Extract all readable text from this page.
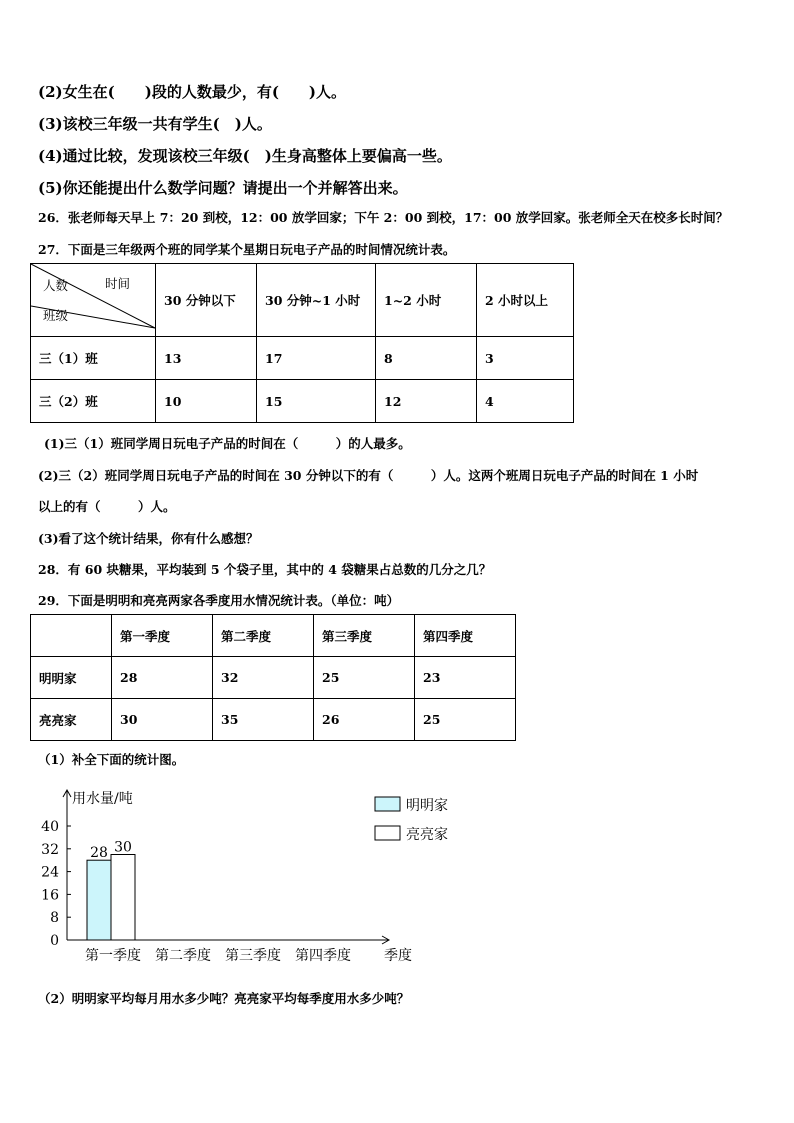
(2)女生在(　　)段的人数最少，有(　　)人。
(3)该校三年级一共有学生(　)人。
(4)通过比较，发现该校三年级(　)生身高整体上要偏高一些。
(5)你还能提出什么数学问题？请提出一个并解答出来。
26．张老师每天早上 7：20 到校，12：00 放学回家；下午 2：00 到校，17：00 放学回家。张老师全天在校多长时间？
27．下面是三年级两个班的同学某个星期日玩电子产品的时间情况统计表。
人数 时间
班级	30 分钟以下	30 分钟~1 小时	1~2 小时	2 小时以上
三（1）班	13	17	8	3
三（2）班	10	15	12	4
(1)三（1）班同学周日玩电子产品的时间在（　　　）的人最多。
(2)三（2）班同学周日玩电子产品的时间在 30 分钟以下的有（　　　）人。这两个班周日玩电子产品的时间在 1 小时
以上的有（　　　）人。
(3)看了这个统计结果，你有什么感想？
28．有 60 块糖果，平均装到 5 个袋子里，其中的 4 袋糖果占总数的几分之几？
29．下面是明明和亮亮两家各季度用水情况统计表。（单位：吨）
	第一季度	第二季度	第三季度	第四季度
明明家	28	32	25	23
亮亮家	30	35	26	25
（1）补全下面的统计图。
用水量/吨
0
8
16
24
32
40
第一季度
28 30
第二季度 第三季度 第四季度 季度
明明家
亮亮家
（2）明明家平均每月用水多少吨？亮亮家平均每季度用水多少吨？
